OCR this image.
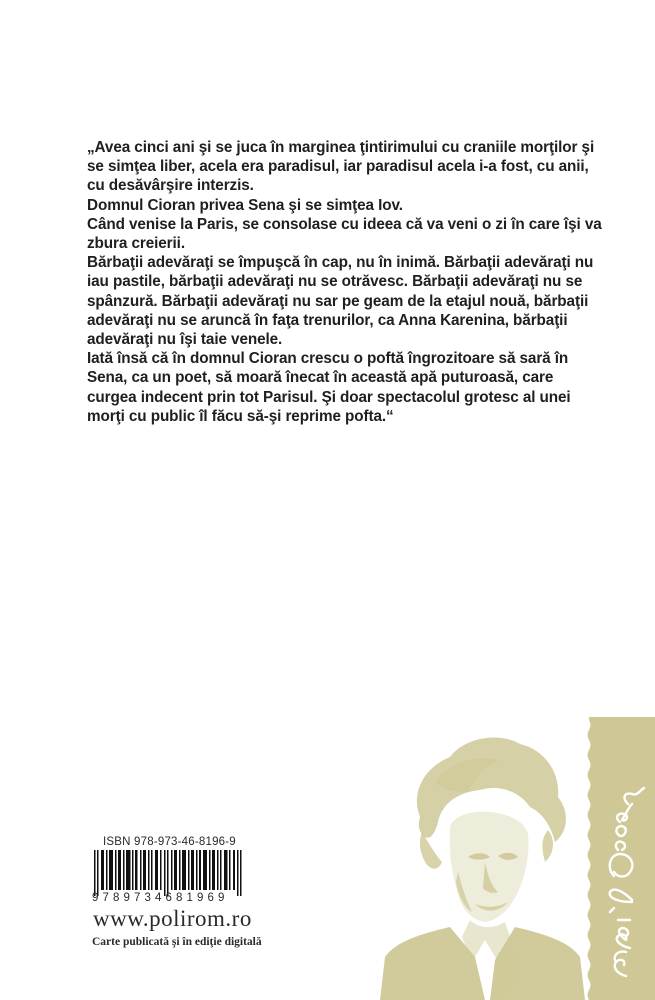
„Avea cinci ani şi se juca în marginea ţintirimului cu craniile morţilor şi se simţea liber, acela era paradisul, iar paradisul acela i-a fost, cu anii, cu desăvârşire interzis.

Domnul Cioran privea Sena şi se simţea Iov.

Când venise la Paris, se consolase cu ideea că va veni o zi în care îşi va zbura creierii.

Bărbaţii adevăraţi se împuşcă în cap, nu în inimă. Bărbaţii adevăraţi nu iau pastile, bărbaţii adevăraţi nu se otrăvesc. Bărbaţii adevăraţi nu se spânzură. Bărbaţii adevăraţi nu sar pe geam de la etajul nouă, bărbaţii adevăraţi nu se aruncă în faţa trenurilor, ca Anna Karenina, bărbaţii adevăraţi nu îşi taie venele.

Iată însă că în domnul Cioran crescu o poftă îngrozitoare să sară în Sena, ca un poet, să moară înecat în această apă puturoasă, care curgea indecent prin tot Parisul. Şi doar spectacolul grotesc al unei morţi cu public îl făcu să-şi reprime pofta.“

ISBN 978-973-46-8196-9
9789734681969
www.polirom.ro
Carte publicată şi în ediţie digitală
